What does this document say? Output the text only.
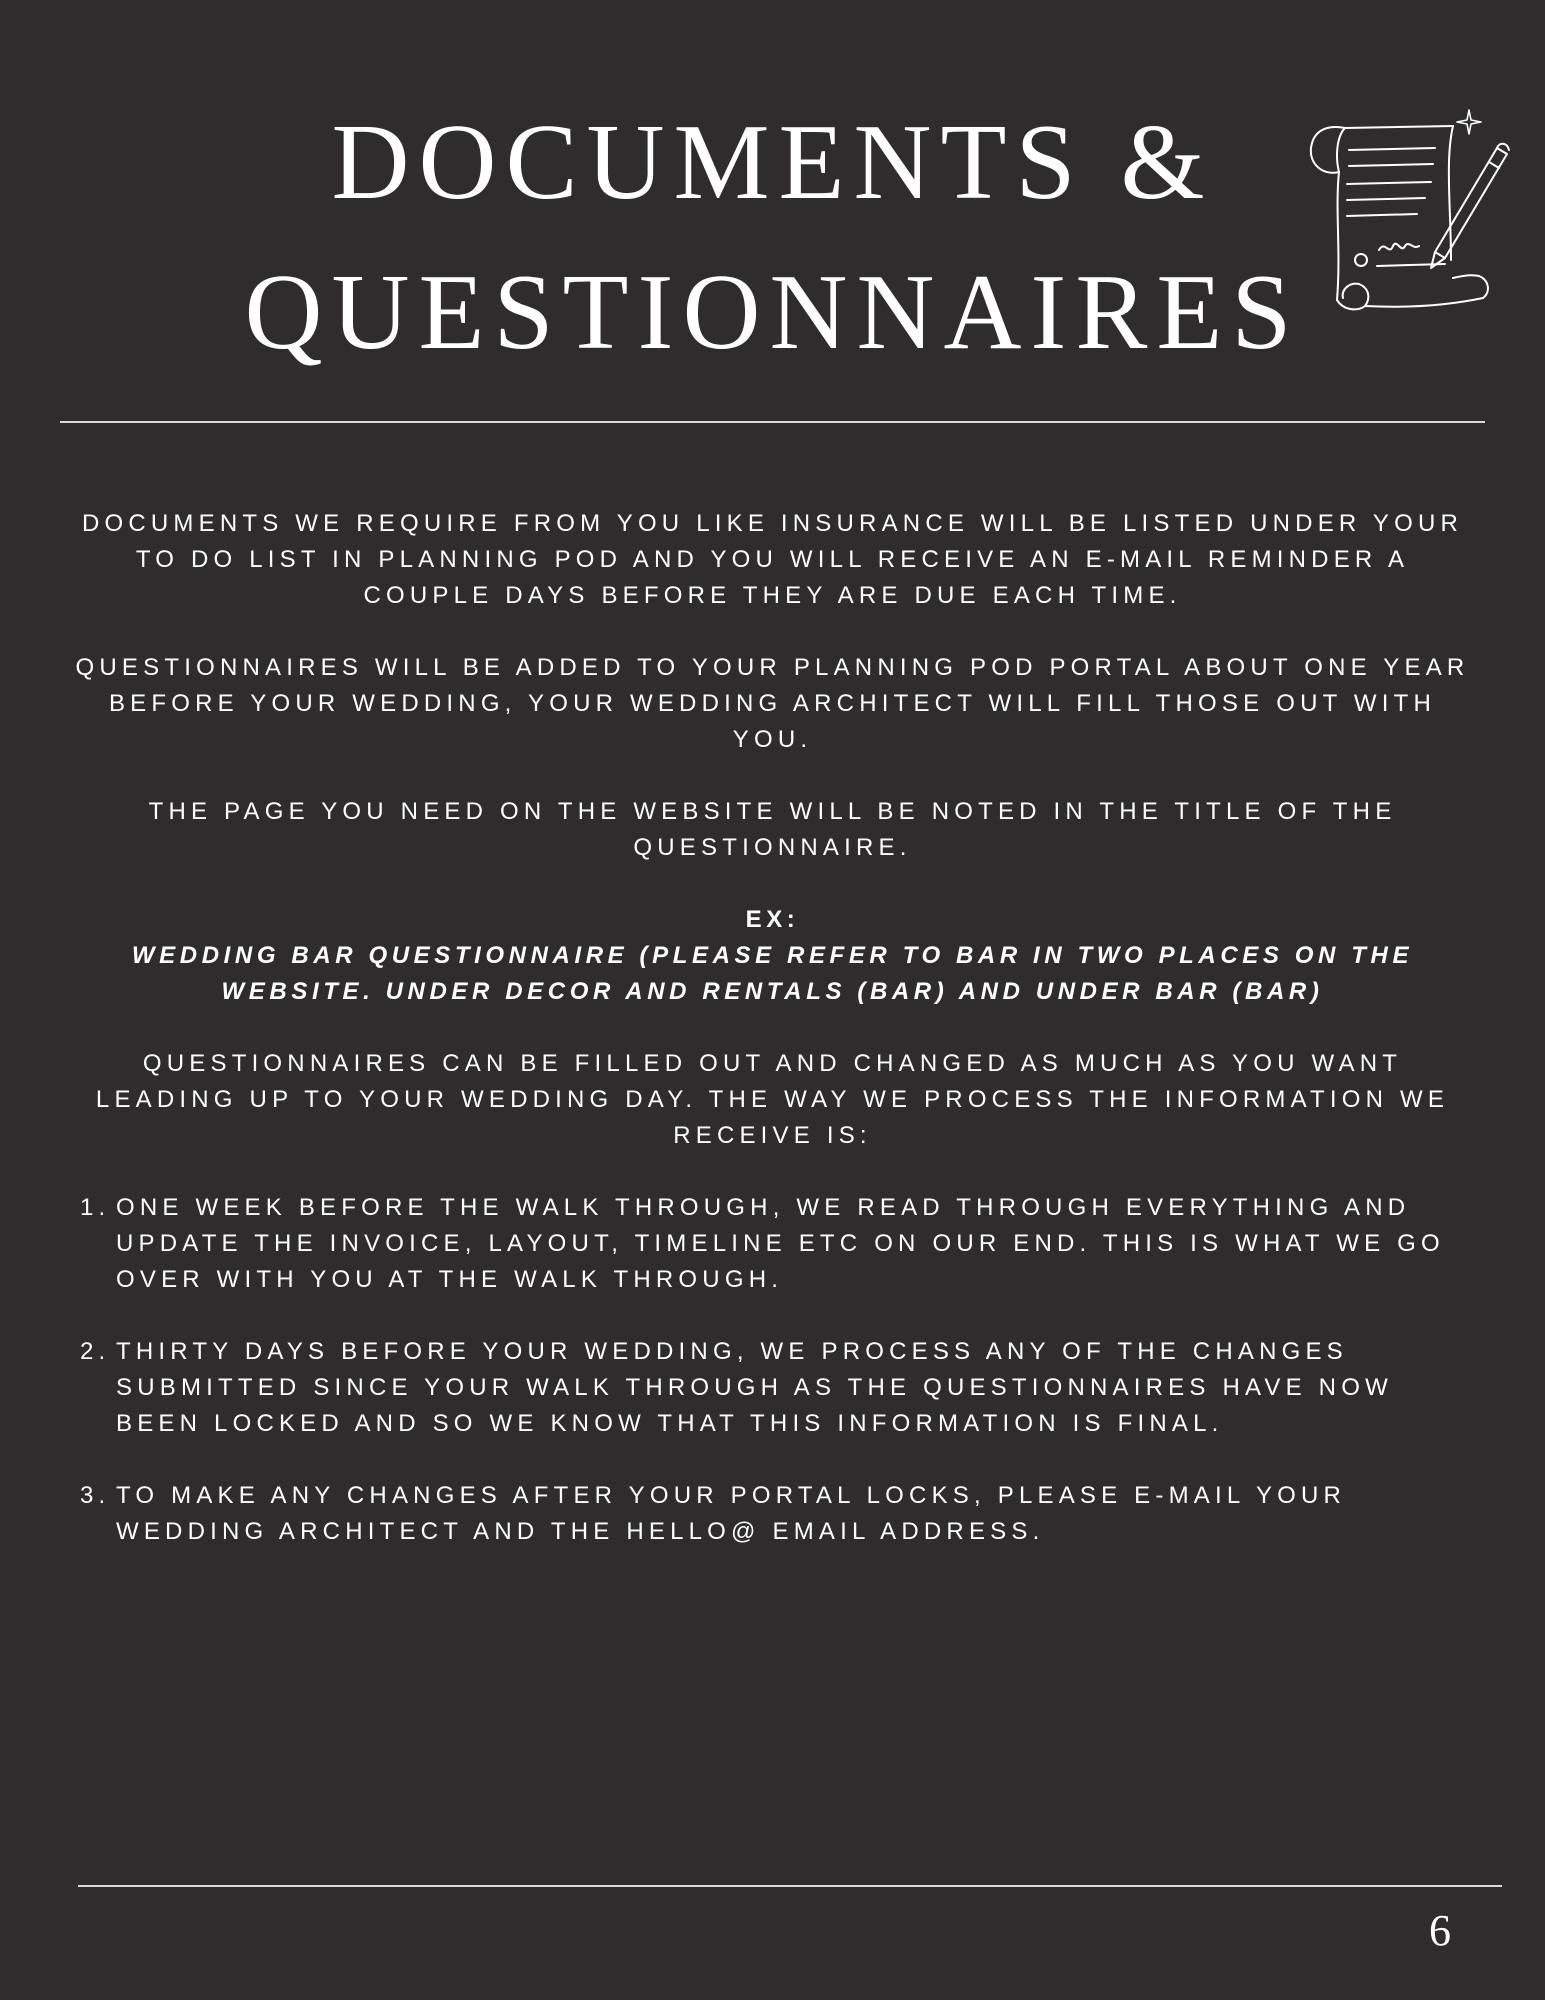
DOCUMENTS &
QUESTIONNAIRES

DOCUMENTS WE REQUIRE FROM YOU LIKE INSURANCE WILL BE LISTED UNDER YOUR TO DO LIST IN PLANNING POD AND YOU WILL RECEIVE AN E-MAIL REMINDER A COUPLE DAYS BEFORE THEY ARE DUE EACH TIME.

QUESTIONNAIRES WILL BE ADDED TO YOUR PLANNING POD PORTAL ABOUT ONE YEAR BEFORE YOUR WEDDING, YOUR WEDDING ARCHITECT WILL FILL THOSE OUT WITH YOU.

THE PAGE YOU NEED ON THE WEBSITE WILL BE NOTED IN THE TITLE OF THE QUESTIONNAIRE.

EX:
WEDDING BAR QUESTIONNAIRE (PLEASE REFER TO BAR IN TWO PLACES ON THE WEBSITE. UNDER DECOR AND RENTALS (BAR) AND UNDER BAR (BAR)

QUESTIONNAIRES CAN BE FILLED OUT AND CHANGED AS MUCH AS YOU WANT LEADING UP TO YOUR WEDDING DAY. THE WAY WE PROCESS THE INFORMATION WE RECEIVE IS:

1. ONE WEEK BEFORE THE WALK THROUGH, WE READ THROUGH EVERYTHING AND UPDATE THE INVOICE, LAYOUT, TIMELINE ETC ON OUR END. THIS IS WHAT WE GO OVER WITH YOU AT THE WALK THROUGH.
2. THIRTY DAYS BEFORE YOUR WEDDING, WE PROCESS ANY OF THE CHANGES SUBMITTED SINCE YOUR WALK THROUGH AS THE QUESTIONNAIRES HAVE NOW BEEN LOCKED AND SO WE KNOW THAT THIS INFORMATION IS FINAL.
3. TO MAKE ANY CHANGES AFTER YOUR PORTAL LOCKS, PLEASE E-MAIL YOUR WEDDING ARCHITECT AND THE HELLO@ EMAIL ADDRESS.
6
